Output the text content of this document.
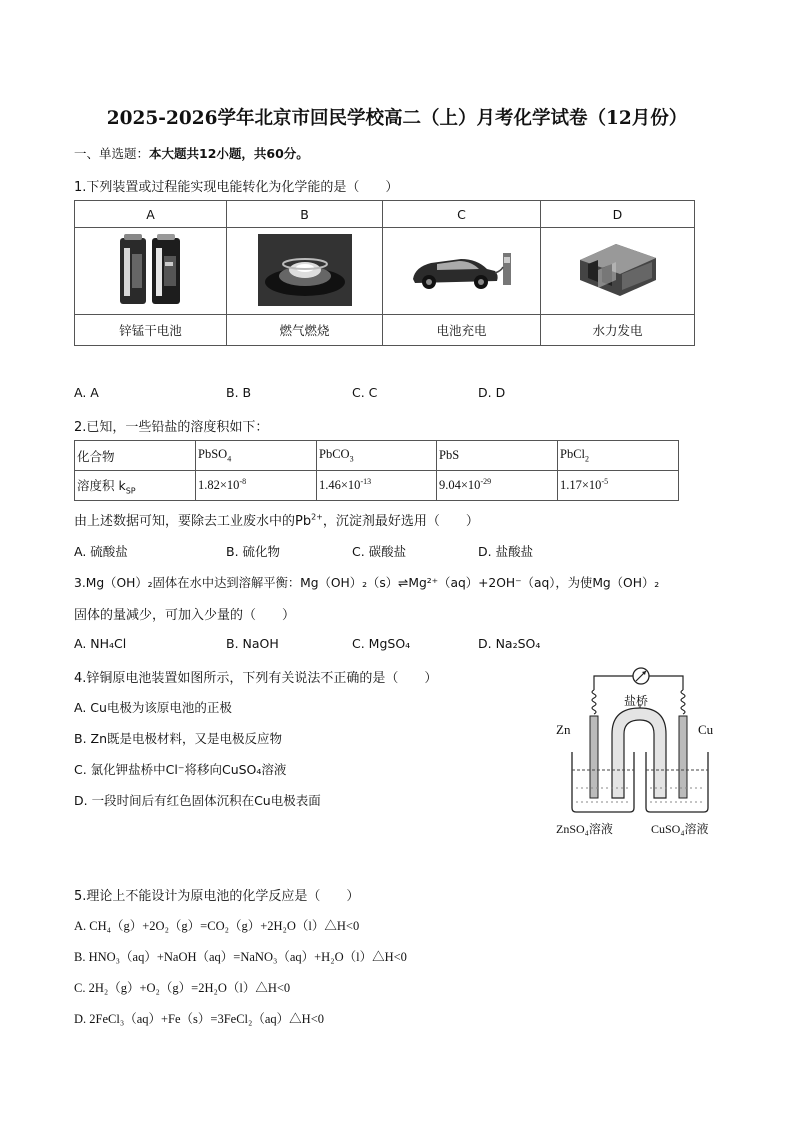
2025-2026学年北京市回民学校高二（上）月考化学试卷（12月份）
一、单选题：本大题共12小题，共60分。
1.下列装置或过程能实现电能转化为化学能的是（　　）
A	B	C	D

锌锰干电池	燃气燃烧	电池充电	水力发电
A. A	B. B	C. C	D. D
2.已知，一些铅盐的溶度积如下：
化合物	PbSO$_4$	PbCO$_3$	PbS	PbCl$_2$
溶度积 $k_{SP}$	$1.82\times 10^{-8}$	$1.46\times 10^{-13}$	$9.04\times 10^{-29}$	$1.17\times 10^{-5}$
由上述数据可知，要除去工业废水中的$Pb^{2+}$，沉淀剂最好选用（　　）
A. 硫酸盐	B. 硫化物	C. 碳酸盐	D. 盐酸盐
3.Mg（OH）₂固体在水中达到溶解平衡：Mg（OH）₂（s）⇌Mg²⁺（aq）+2OH⁻（aq），为使Mg（OH）₂
固体的量减少，可加入少量的（　　）
A. NH₄Cl	B. NaOH	C. MgSO₄	D. Na₂SO₄
4.锌铜原电池装置如图所示，下列有关说法不正确的是（　　）
A. Cu电极为该原电池的正极
B. Zn既是电极材料，又是电极反应物
C. 氯化钾盐桥中Cl⁻将移向CuSO₄溶液
D. 一段时间后有红色固体沉积在Cu电极表面
盐桥
Zn	Cu
ZnSO₄溶液	CuSO₄溶液
5.理论上不能设计为原电池的化学反应是（　　）
A. CH₄（g）+2O₂（g）=CO₂（g）+2H₂O（l）△H<0
B. HNO₃（aq）+NaOH（aq）=NaNO₃（aq）+H₂O（l）△H<0
C. 2H₂（g）+O₂（g）=2H₂O（l）△H<0
D. 2FeCl₃（aq）+Fe（s）=3FeCl₂（aq）△H<0
